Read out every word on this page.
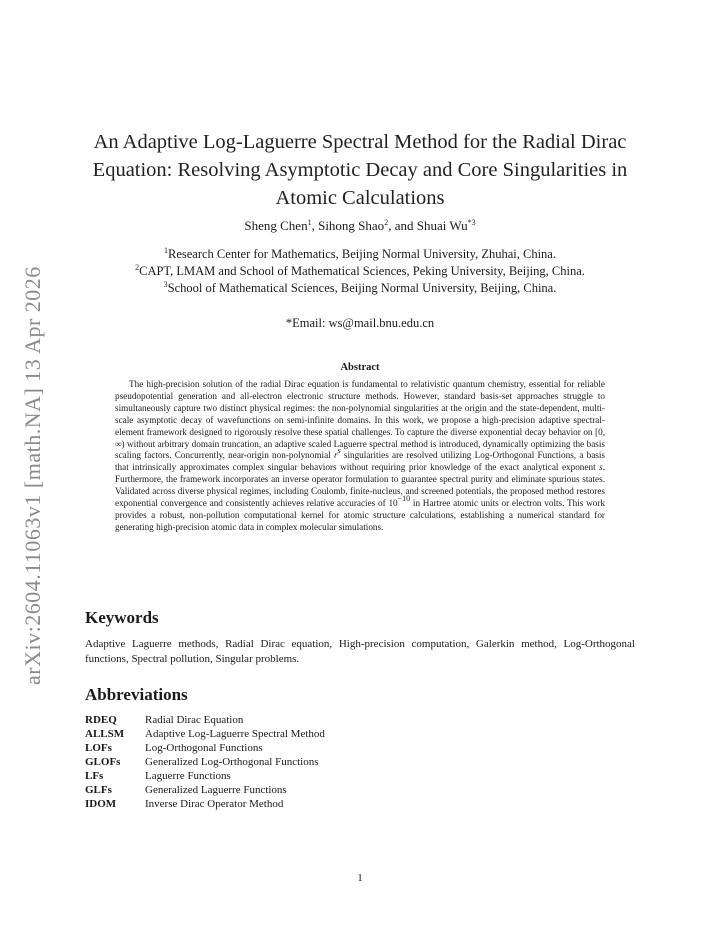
arXiv:2604.11063v1 [math.NA] 13 Apr 2026
An Adaptive Log-Laguerre Spectral Method for the Radial Dirac Equation: Resolving Asymptotic Decay and Core Singularities in Atomic Calculations
Sheng Chen$^1$, Sihong Shao$^2$, and Shuai Wu$^{*3}$
$^1$Research Center for Mathematics, Beijing Normal University, Zhuhai, China.
$^2$CAPT, LMAM and School of Mathematical Sciences, Peking University, Beijing, China.
$^3$School of Mathematical Sciences, Beijing Normal University, Beijing, China.
*Email: ws@mail.bnu.edu.cn
Abstract
The high-precision solution of the radial Dirac equation is fundamental to relativistic quantum chemistry, essential for reliable pseudopotential generation and all-electron electronic structure methods. However, standard basis-set approaches struggle to simultaneously capture two distinct physical regimes: the non-polynomial singularities at the origin and the state-dependent, multi-scale asymptotic decay of wavefunctions on semi-infinite domains. In this work, we propose a high-precision adaptive spectral-element framework designed to rigorously resolve these spatial challenges. To capture the diverse exponential decay behavior on [0, ∞) without arbitrary domain truncation, an adaptive scaled Laguerre spectral method is introduced, dynamically optimizing the basis scaling factors. Concurrently, near-origin non-polynomial $r^s$ singularities are resolved utilizing Log-Orthogonal Functions, a basis that intrinsically approximates complex singular behaviors without requiring prior knowledge of the exact analytical exponent s. Furthermore, the framework incorporates an inverse operator formulation to guarantee spectral purity and eliminate spurious states. Validated across diverse physical regimes, including Coulomb, finite-nucleus, and screened potentials, the proposed method restores exponential convergence and consistently achieves relative accuracies of $10^{-10}$ in Hartree atomic units or electron volts. This work provides a robust, non-pollution computational kernel for atomic structure calculations, establishing a numerical standard for generating high-precision atomic data in complex molecular simulations.
Keywords
Adaptive Laguerre methods, Radial Dirac equation, High-precision computation, Galerkin method, Log-Orthogonal functions, Spectral pollution, Singular problems.
Abbreviations
RDEQ	Radial Dirac Equation
ALLSM	Adaptive Log-Laguerre Spectral Method
LOFs	Log-Orthogonal Functions
GLOFs	Generalized Log-Orthogonal Functions
LFs	Laguerre Functions
GLFs	Generalized Laguerre Functions
IDOM	Inverse Dirac Operator Method
1
